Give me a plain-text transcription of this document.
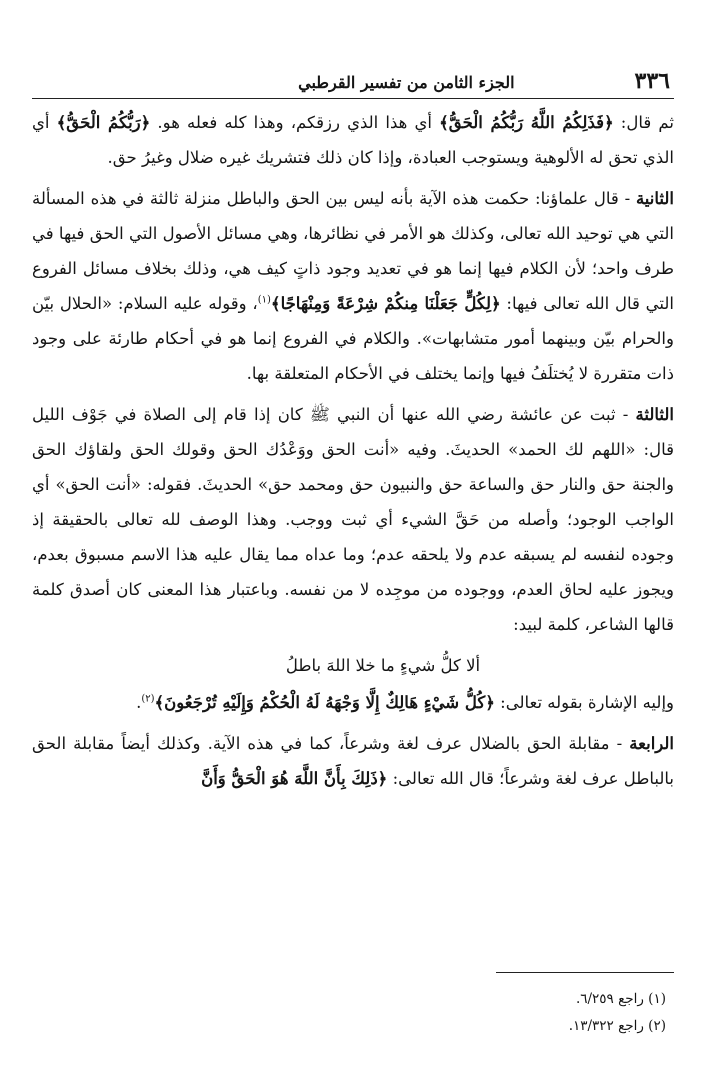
٣٣٦
الجزء الثامن من تفسير القرطبي

ثم قال: ﴿فَذَلِكُمُ اللَّهُ رَبُّكُمُ الْحَقُّ﴾ أي هذا الذي رزقكم، وهذا كله فعله هو. ﴿رَبُّكُمُ الْحَقُّ﴾ أي الذي تحق له الألوهية ويستوجب العبادة، وإذا كان ذلك فتشريك غيره ضلال وغيرُ حق.

الثانية - قال علماؤنا: حكمت هذه الآية بأنه ليس بين الحق والباطل منزلة ثالثة في هذه المسألة التي هي توحيد الله تعالى، وكذلك هو الأمر في نظائرها، وهي مسائل الأصول التي الحق فيها في طرف واحد؛ لأن الكلام فيها إنما هو في تعديد وجود ذاتٍ كيف هي، وذلك بخلاف مسائل الفروع التي قال الله تعالى فيها: ﴿لِكُلٍّ جَعَلْنَا مِنكُمْ شِرْعَةً وَمِنْهَاجًا﴾$^{(١)}$، وقوله عليه السلام: «الحلال بيّن والحرام بيّن وبينهما أمور متشابهات». والكلام في الفروع إنما هو في أحكام طارئة على وجود ذات متقررة لا يُختلَفُ فيها وإنما يختلف في الأحكام المتعلقة بها.

الثالثة - ثبت عن عائشة رضي الله عنها أن النبي ﷺ كان إذا قام إلى الصلاة في جَوْف الليل قال: «اللهم لك الحمد» الحديثَ. وفيه «أنت الحق ووَعْدُك الحق وقولك الحق ولقاؤك الحق والجنة حق والنار حق والساعة حق والنبيون حق ومحمد حق» الحديثَ. فقوله: «أنت الحق» أي الواجب الوجود؛ وأصله من حَقَّ الشيء أي ثبت ووجب. وهذا الوصف لله تعالى بالحقيقة إذ وجوده لنفسه لم يسبقه عدم ولا يلحقه عدم؛ وما عداه مما يقال عليه هذا الاسم مسبوق بعدم، ويجوز عليه لحاق العدم، ووجوده من موجِده لا من نفسه. وباعتبار هذا المعنى كان أصدق كلمة قالها الشاعر، كلمة لبيد:

ألا كلُّ شيءٍ ما خلا اللهَ باطلُ

وإليه الإشارة بقوله تعالى: ﴿كُلُّ شَيْءٍ هَالِكٌ إِلَّا وَجْهَهُ لَهُ الْحُكْمُ وَإِلَيْهِ تُرْجَعُونَ﴾$^{(٢)}$.

الرابعة - مقابلة الحق بالضلال عرف لغة وشرعاً، كما في هذه الآية. وكذلك أيضاً مقابلة الحق بالباطل عرف لغة وشرعاً؛ قال الله تعالى: ﴿ذَلِكَ بِأَنَّ اللَّهَ هُوَ الْحَقُّ وَأَنَّ

(١) راجع ٦/٢٥٩.

(٢) راجع ١٣/٣٢٢.
